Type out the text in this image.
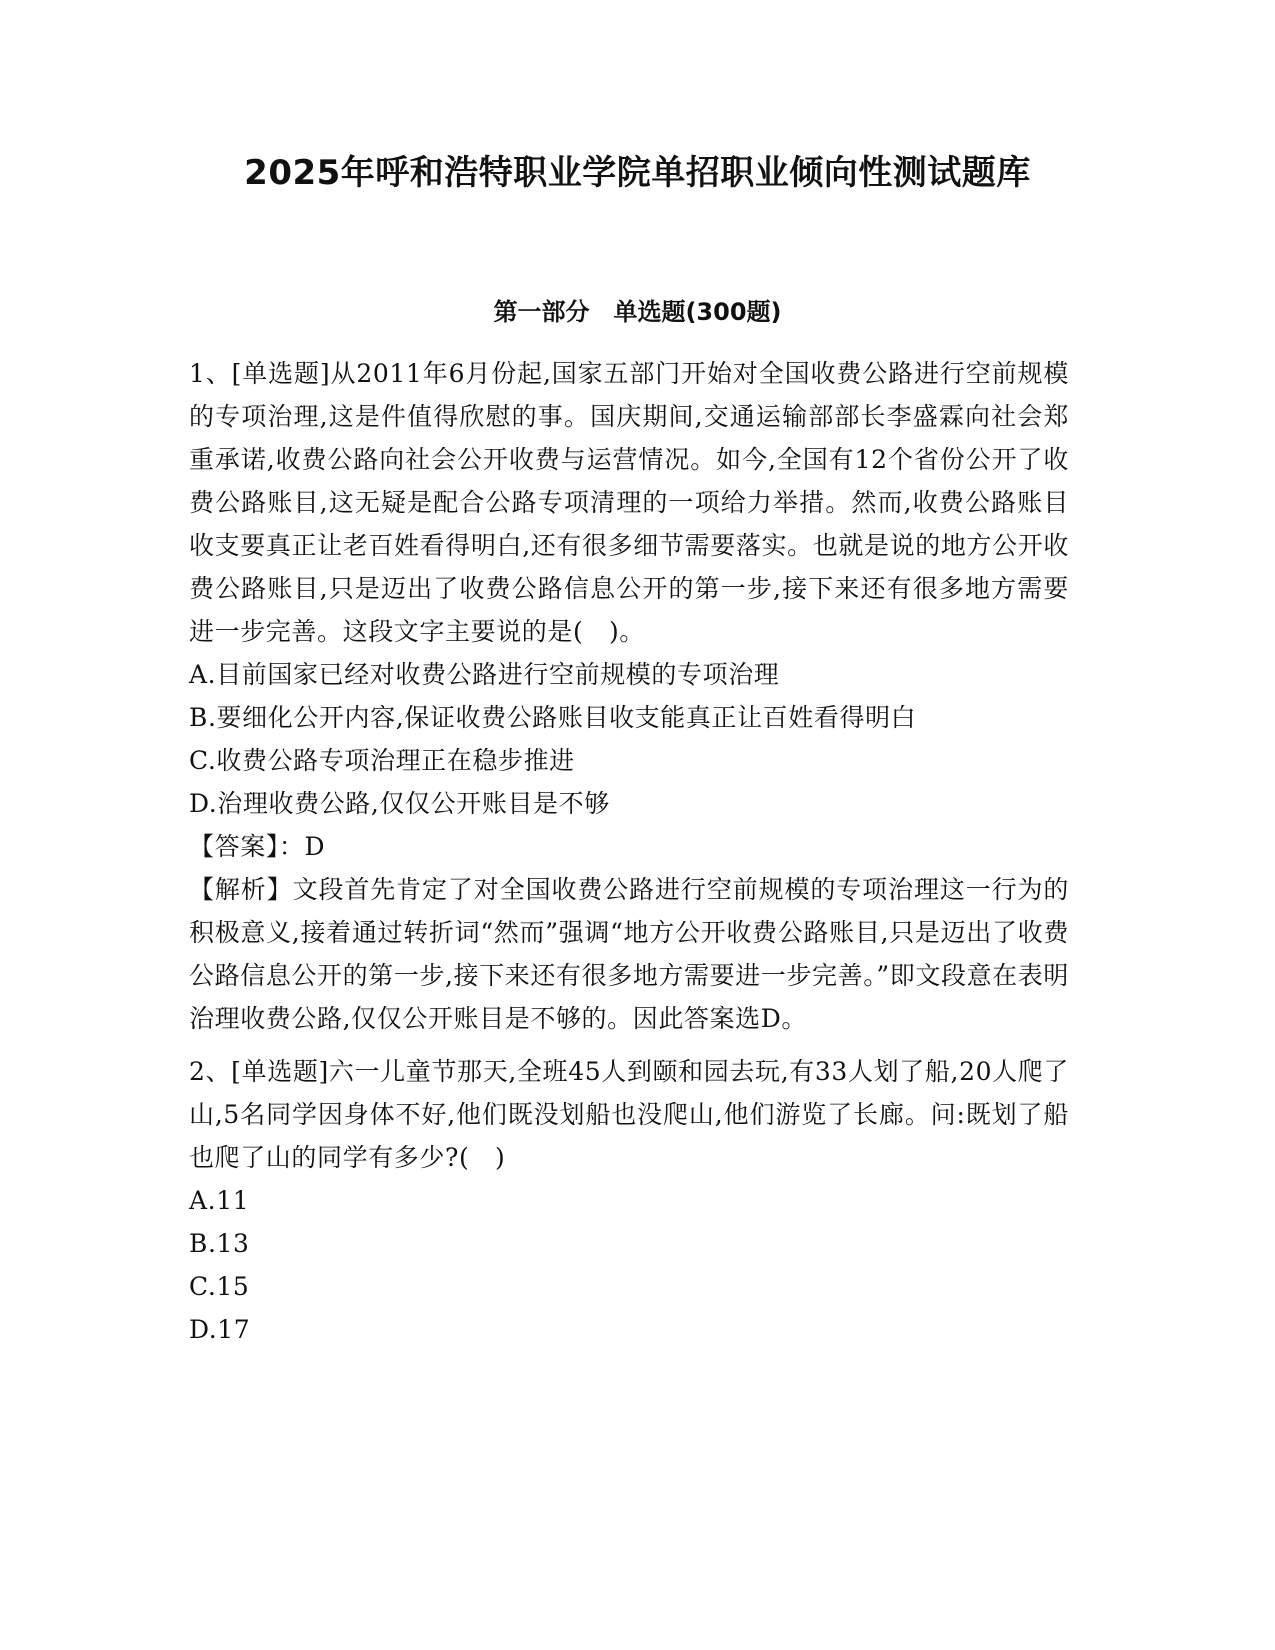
2025年呼和浩特职业学院单招职业倾向性测试题库
第一部分　单选题(300题)
1、[单选题]从2011年6月份起,国家五部门开始对全国收费公路进行空前规模的专项治理,这是件值得欣慰的事。国庆期间,交通运输部部长李盛霖向社会郑重承诺,收费公路向社会公开收费与运营情况。如今,全国有12个省份公开了收费公路账目,这无疑是配合公路专项清理的一项给力举措。然而,收费公路账目收支要真正让老百姓看得明白,还有很多细节需要落实。也就是说的地方公开收费公路账目,只是迈出了收费公路信息公开的第一步,接下来还有很多地方需要进一步完善。这段文字主要说的是(　)。
A.目前国家已经对收费公路进行空前规模的专项治理
B.要细化公开内容,保证收费公路账目收支能真正让百姓看得明白
C.收费公路专项治理正在稳步推进
D.治理收费公路,仅仅公开账目是不够
【答案】：D
【解析】文段首先肯定了对全国收费公路进行空前规模的专项治理这一行为的积极意义,接着通过转折词“然而”强调“地方公开收费公路账目,只是迈出了收费公路信息公开的第一步,接下来还有很多地方需要进一步完善。”即文段意在表明治理收费公路,仅仅公开账目是不够的。因此答案选D。
2、[单选题]六一儿童节那天,全班45人到颐和园去玩,有33人划了船,20人爬了山,5名同学因身体不好,他们既没划船也没爬山,他们游览了长廊。问:既划了船也爬了山的同学有多少?(　)
A.11
B.13
C.15
D.17
